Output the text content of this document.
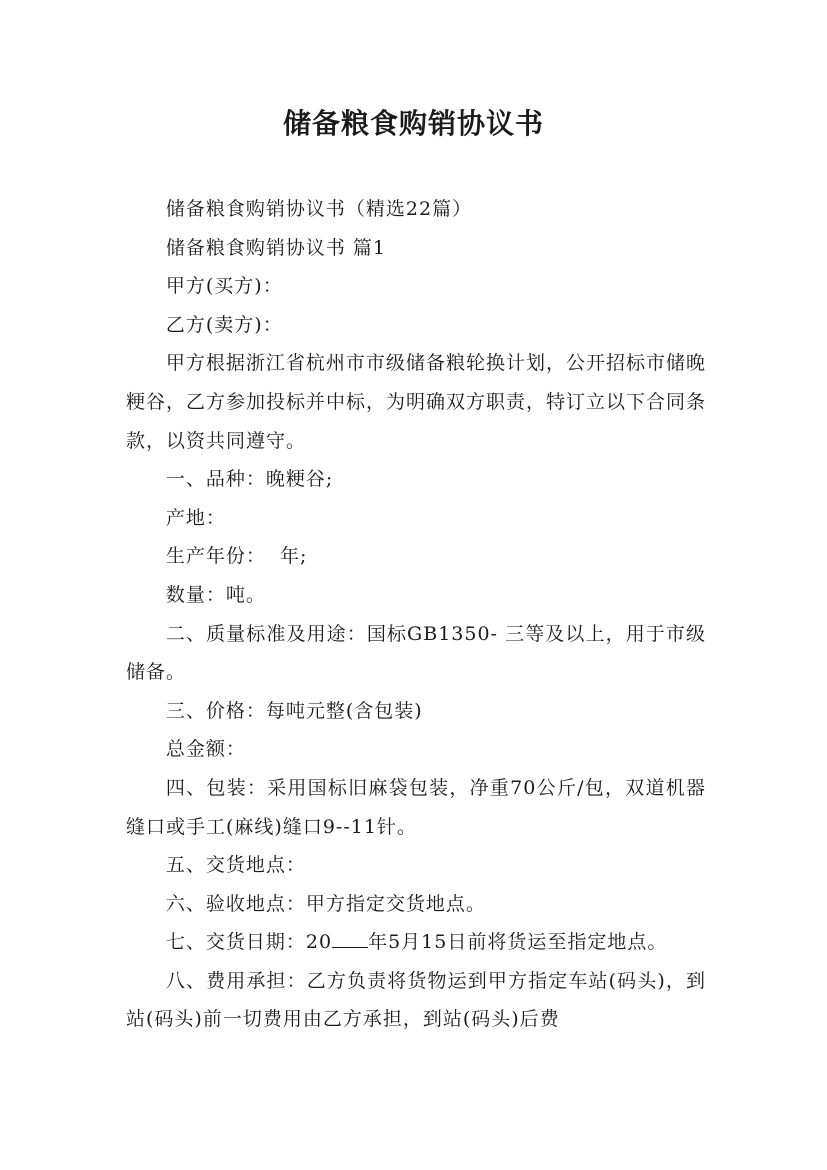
储备粮食购销协议书

储备粮食购销协议书（精选22篇）

储备粮食购销协议书 篇1

甲方(买方)：

乙方(卖方)：

甲方根据浙江省杭州市市级储备粮轮换计划，公开招标市储晚粳谷，乙方参加投标并中标，为明确双方职责，特订立以下合同条款，以资共同遵守。

一、品种：晚粳谷;

产地：

生产年份：  年;

数量：吨。

二、质量标准及用途：国标GB1350- 三等及以上，用于市级储备。

三、价格：每吨元整(含包装)

总金额：

四、包装：采用国标旧麻袋包装，净重70公斤/包，双道机器缝口或手工(麻线)缝口9--11针。

五、交货地点：

六、验收地点：甲方指定交货地点。

七、交货日期：20 年5月15日前将货运至指定地点。

八、费用承担：乙方负责将货物运到甲方指定车站(码头)，到站(码头)前一切费用由乙方承担，到站(码头)后费
